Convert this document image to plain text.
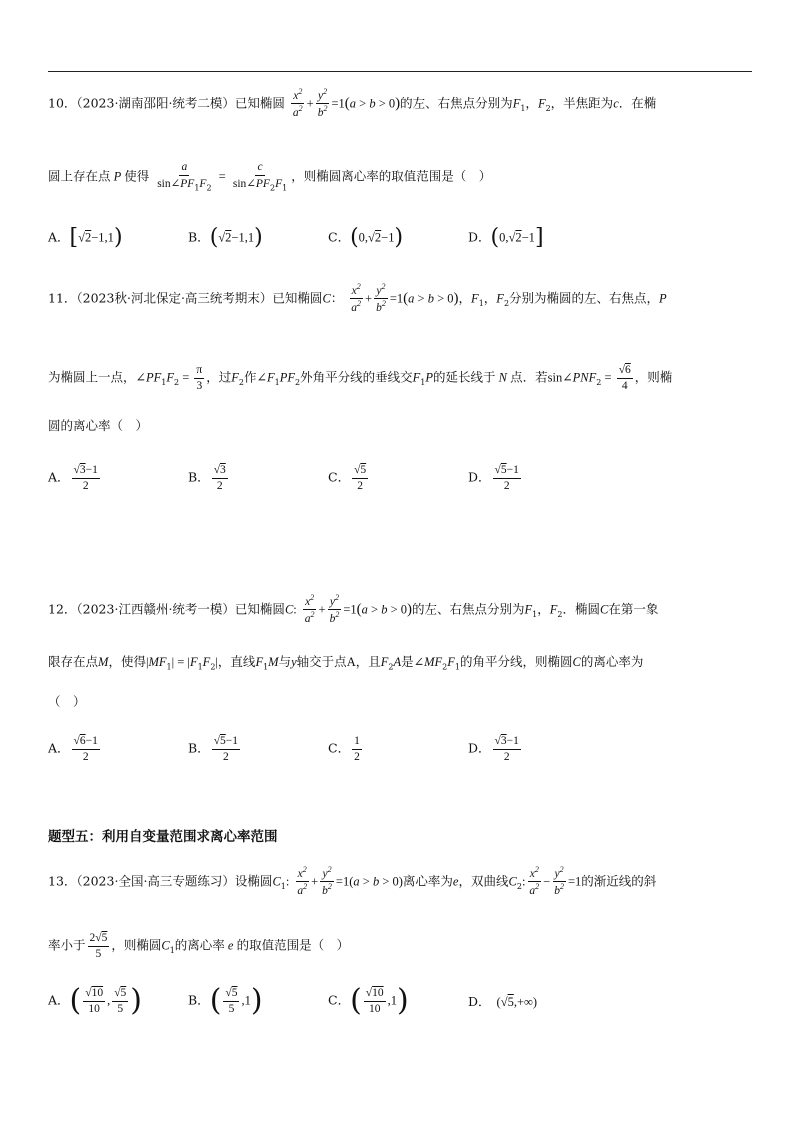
10．（2023·湖南邵阳·统考二模）已知椭圆 $\frac{x^2}{a^2} + \frac{y^2}{b^2} =1(a > b > 0)$的左、右焦点分别为$F_1$，$F_2$，半焦距为c．在椭
圆上存在点 P 使得 $\frac{a}{\sin\angle PF_1F_2} = \frac{c}{\sin\angle PF_2F_1}$ ，则椭圆离心率的取值范围是（　）
A．[√2−1,1)	B．(√2−1,1)	C．(0,√2−1)	D．(0,√2−1]
11．（2023秋·河北保定·高三统考期末）已知椭圆C： $\frac{x^2}{a^2} + \frac{y^2}{b^2} =1(a > b > 0)$，$F_1$，$F_2$分别为椭圆的左、右焦点，P
为椭圆上一点，$\angle PF_1F_2 = \frac{\pi}{3}$ ，过$F_2$作$\angle F_1PF_2$外角平分线的垂线交$F_1P$的延长线于 N 点．若$\sin\angle PNF_2 = \frac{√6}{4}$ ，则椭
圆的离心率（　）
A． $\frac{√3-1}{2}$	B． $\frac{√3}{2}$	C． $\frac{√5}{2}$	D． $\frac{√5-1}{2}$
12．（2023·江西赣州·统考一模）已知椭圆C: $\frac{x^2}{a^2} + \frac{y^2}{b^2} =1(a > b > 0)$的左、右焦点分别为$F_1$，$F_2$．椭圆C在第一象
限存在点M，使得$|MF_1| = |F_1F_2|$，直线$F_1M$与y轴交于点A，且$F_2A$是$\angle MF_2F_1$的角平分线，则椭圆C的离心率为
（　）
A． $\frac{√6-1}{2}$	B． $\frac{√5-1}{2}$	C． $\frac{1}{2}$	D． $\frac{√3-1}{2}$
题型五：利用自变量范围求离心率范围
13．（2023·全国·高三专题练习）设椭圆$C_1$: $\frac{x^2}{a^2} + \frac{y^2}{b^2} =1(a > b > 0)$离心率为e，双曲线$C_2$: $\frac{x^2}{a^2} - \frac{y^2}{b^2} =1$的渐近线的斜
率小于 $\frac{2√5}{5}$ ，则椭圆$C_1$的离心率 e 的取值范围是（　）
A．( $\frac{√10}{10}$ , $\frac{√5}{5}$ )	B．( $\frac{√5}{5} ,1$)	C．( $\frac{√10}{10} ,1$)	D． (√5,+∞)
